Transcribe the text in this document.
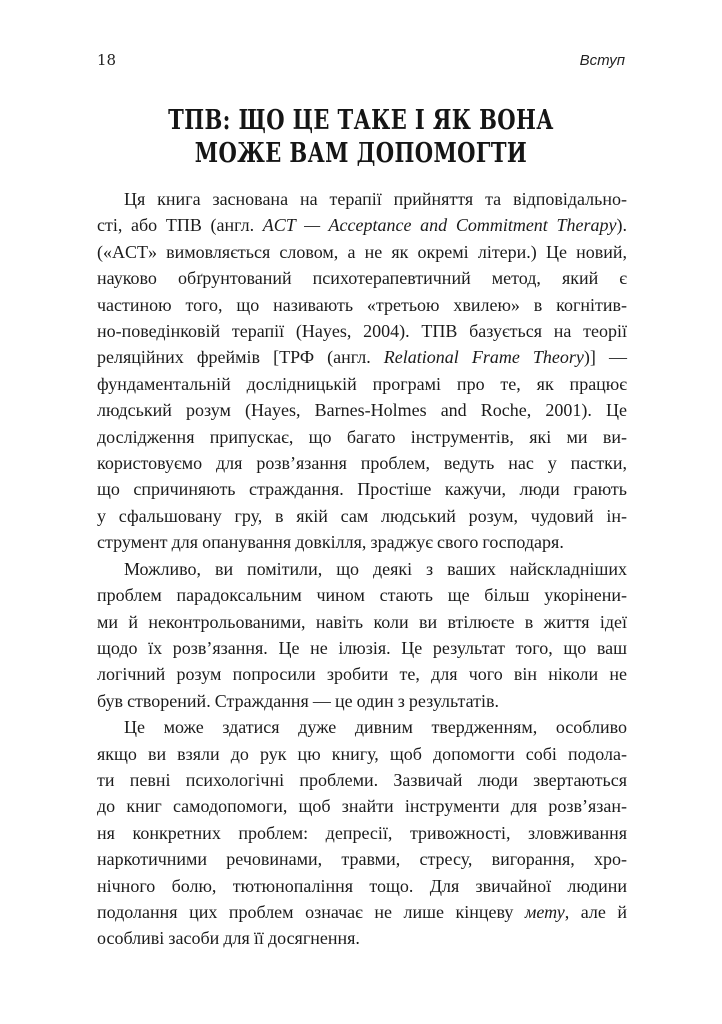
18	Вступ
ТПВ: ЩО ЦЕ ТАКЕ І ЯК ВОНА
МОЖЕ ВАМ ДОПОМОГТИ
Ця книга заснована на терапії прийняття та відповідально-
сті, або ТПВ (англ. ACT — Acceptance and Commitment Therapy).
(«ACT» вимовляється словом, а не як окремі літери.) Це новий,
науково обґрунтований психотерапевтичний метод, який є
частиною того, що називають «третьою хвилею» в когнітив-
но-поведінковій терапії (Hayes, 2004). ТПВ базується на теорії
реляційних фреймів [ТРФ (англ. Relational Frame Theory)] —
фундаментальній дослідницькій програмі про те, як працює
людський розум (Hayes, Barnes-Holmes and Roche, 2001). Це
дослідження припускає, що багато інструментів, які ми ви-
користовуємо для розв’язання проблем, ведуть нас у пастки,
що спричиняють страждання. Простіше кажучи, люди грають
у сфальшовану гру, в якій сам людський розум, чудовий ін-
струмент для опанування довкілля, зраджує свого господаря.
Можливо, ви помітили, що деякі з ваших найскладніших
проблем парадоксальним чином стають ще більш укорінени-
ми й неконтрольованими, навіть коли ви втілюєте в життя ідеї
щодо їх розв’язання. Це не ілюзія. Це результат того, що ваш
логічний розум попросили зробити те, для чого він ніколи не
був створений. Страждання — це один з результатів.
Це може здатися дуже дивним твердженням, особливо
якщо ви взяли до рук цю книгу, щоб допомогти собі подола-
ти певні психологічні проблеми. Зазвичай люди звертаються
до книг самодопомоги, щоб знайти інструменти для розв’язан-
ня конкретних проблем: депресії, тривожності, зловживання
наркотичними речовинами, травми, стресу, вигорання, хро-
нічного болю, тютюнопаління тощо. Для звичайної людини
подолання цих проблем означає не лише кінцеву мету, але й
особливі засоби для її досягнення.
